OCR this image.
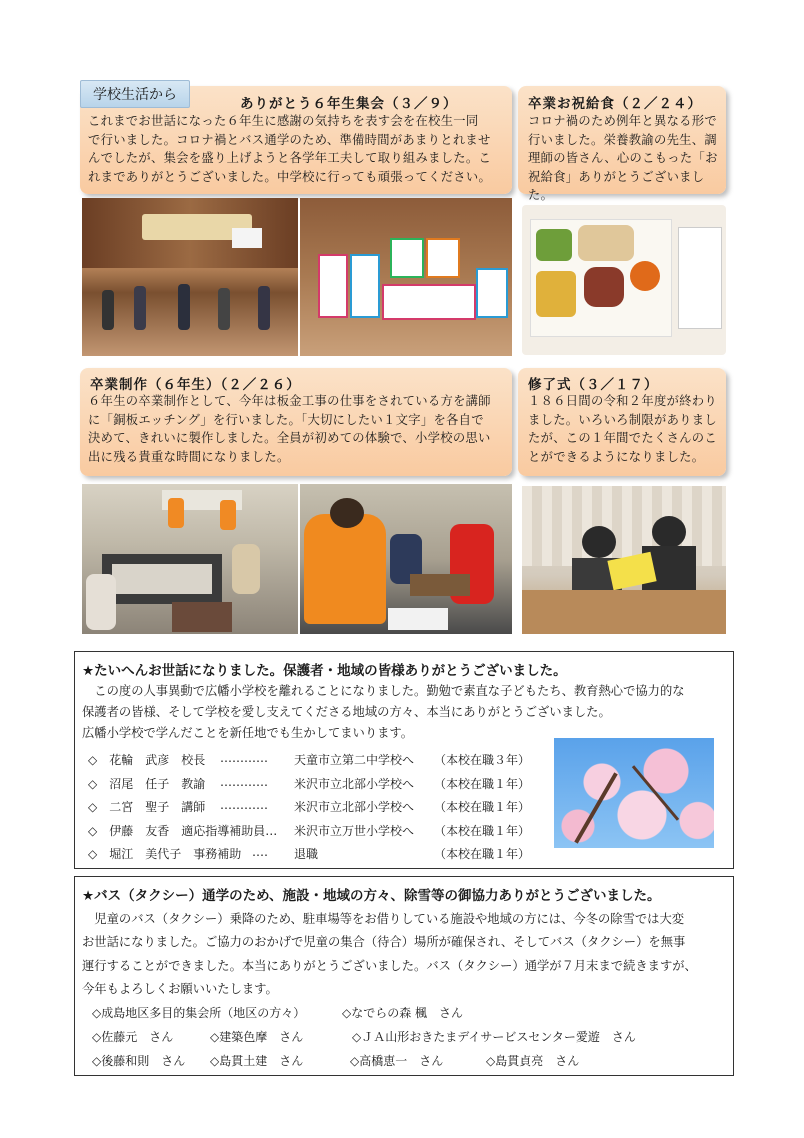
学校生活から
ありがとう６年生集会（３／９）
これまでお世話になった６年生に感謝の気持ちを表す会を在校生一同
で行いました。コロナ禍とバス通学のため、準備時間があまりとれませ
んでしたが、集会を盛り上げようと各学年工夫して取り組みました。こ
れまでありがとうございました。中学校に行っても頑張ってください。
卒業お祝給食（２／２４）
コロナ禍のため例年と異なる形で
行いました。栄養教諭の先生、調
理師の皆さん、心のこもった「お
祝給食」ありがとうございました。
卒業制作（６年生）（２／２６）
６年生の卒業制作として、今年は板金工事の仕事をされている方を講師
に「銅板エッチング」を行いました。「大切にしたい１文字」を各自で
決めて、きれいに製作しました。全員が初めての体験で、小学校の思い
出に残る貴重な時間になりました。
修了式（３／１７）
１８６日間の令和２年度が終わり
ました。いろいろ制限がありまし
たが、この１年間でたくさんのこ
とができるようになりました。
★たいへんお世話になりました。保護者・地域の皆様ありがとうございました。
　この度の人事異動で広幡小学校を離れることになりました。勤勉で素直な子どもたち、教育熱心で協力的な
保護者の皆様、そして学校を愛し支えてくださる地域の方々、本当にありがとうございました。
広幡小学校で学んだことを新任地でも生かしてまいります。
◇　花輪　武彦　校長 ………… 天童市立第二中学校へ （本校在職３年）
◇　沼尾　任子　教諭 ………… 米沢市立北部小学校へ （本校在職１年）
◇　二宮　聖子　講師 ………… 米沢市立北部小学校へ （本校在職１年）
◇　伊藤　友香　適応指導補助員… 米沢市立万世小学校へ （本校在職１年）
◇　堀江　美代子　事務補助 ‥‥ 退職	（本校在職１年）
★バス（タクシー）通学のため、施設・地域の方々、除雪等の御協力ありがとうございました。
　児童のバス（タクシー）乗降のため、駐車場等をお借りしている施設や地域の方には、今冬の除雪では大変
お世話になりました。ご協力のおかげで児童の集合（待合）場所が確保され、そしてバス（タクシー）を無事
運行することができました。本当にありがとうございました。バス（タクシー）通学が７月末まで続きますが、
今年もよろしくお願いいたします。
◇成島地区多目的集会所（地区の方々）	◇なでらの森 楓　さん
◇佐藤元　さん	◇建築色摩　さん	◇ＪＡ山形おきたまデイサービスセンター愛遊　さん
◇後藤和則　さん ◇島貫土建　さん	◇高橋恵一　さん	◇島貫貞亮　さん
